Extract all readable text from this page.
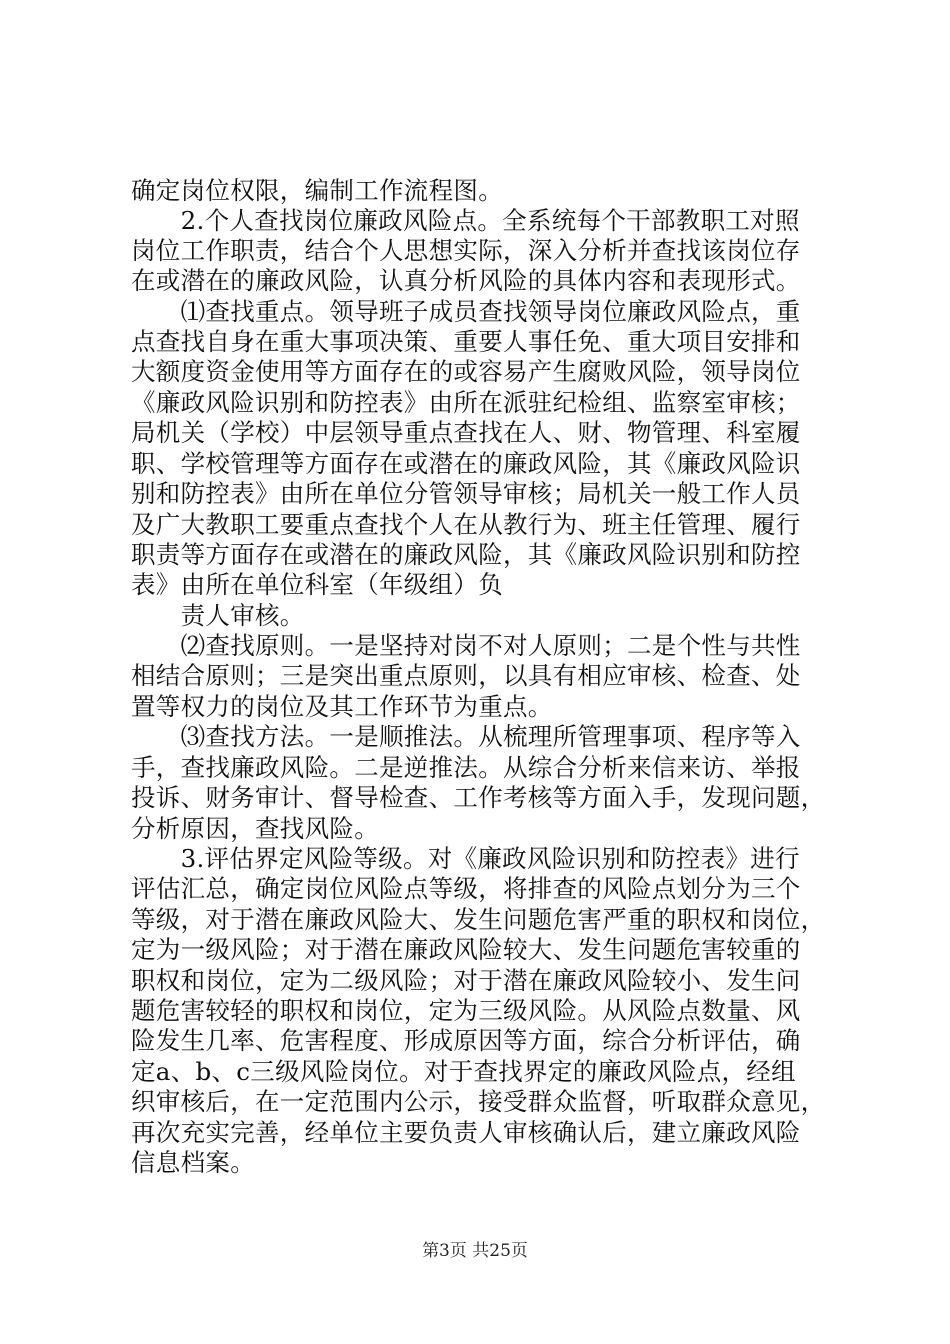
确定岗位权限，编制工作流程图。
　　2.个人查找岗位廉政风险点。全系统每个干部教职工对照
岗位工作职责，结合个人思想实际，深入分析并查找该岗位存
在或潜在的廉政风险，认真分析风险的具体内容和表现形式。
　　⑴查找重点。领导班子成员查找领导岗位廉政风险点，重
点查找自身在重大事项决策、重要人事任免、重大项目安排和
大额度资金使用等方面存在的或容易产生腐败风险，领导岗位
《廉政风险识别和防控表》由所在派驻纪检组、监察室审核；
局机关（学校）中层领导重点查找在人、财、物管理、科室履
职、学校管理等方面存在或潜在的廉政风险，其《廉政风险识
别和防控表》由所在单位分管领导审核；局机关一般工作人员
及广大教职工要重点查找个人在从教行为、班主任管理、履行
职责等方面存在或潜在的廉政风险，其《廉政风险识别和防控
表》由所在单位科室（年级组）负
　　责人审核。
　　⑵查找原则。一是坚持对岗不对人原则；二是个性与共性
相结合原则；三是突出重点原则，以具有相应审核、检查、处
置等权力的岗位及其工作环节为重点。
　　⑶查找方法。一是顺推法。从梳理所管理事项、程序等入
手，查找廉政风险。二是逆推法。从综合分析来信来访、举报
投诉、财务审计、督导检查、工作考核等方面入手，发现问题，
分析原因，查找风险。
　　3.评估界定风险等级。对《廉政风险识别和防控表》进行
评估汇总，确定岗位风险点等级，将排查的风险点划分为三个
等级，对于潜在廉政风险大、发生问题危害严重的职权和岗位，
定为一级风险；对于潜在廉政风险较大、发生问题危害较重的
职权和岗位，定为二级风险；对于潜在廉政风险较小、发生问
题危害较轻的职权和岗位，定为三级风险。从风险点数量、风
险发生几率、危害程度、形成原因等方面，综合分析评估，确
定a、b、c三级风险岗位。对于查找界定的廉政风险点，经组
织审核后，在一定范围内公示，接受群众监督，听取群众意见，
再次充实完善，经单位主要负责人审核确认后，建立廉政风险
信息档案。
第3页 共25页
